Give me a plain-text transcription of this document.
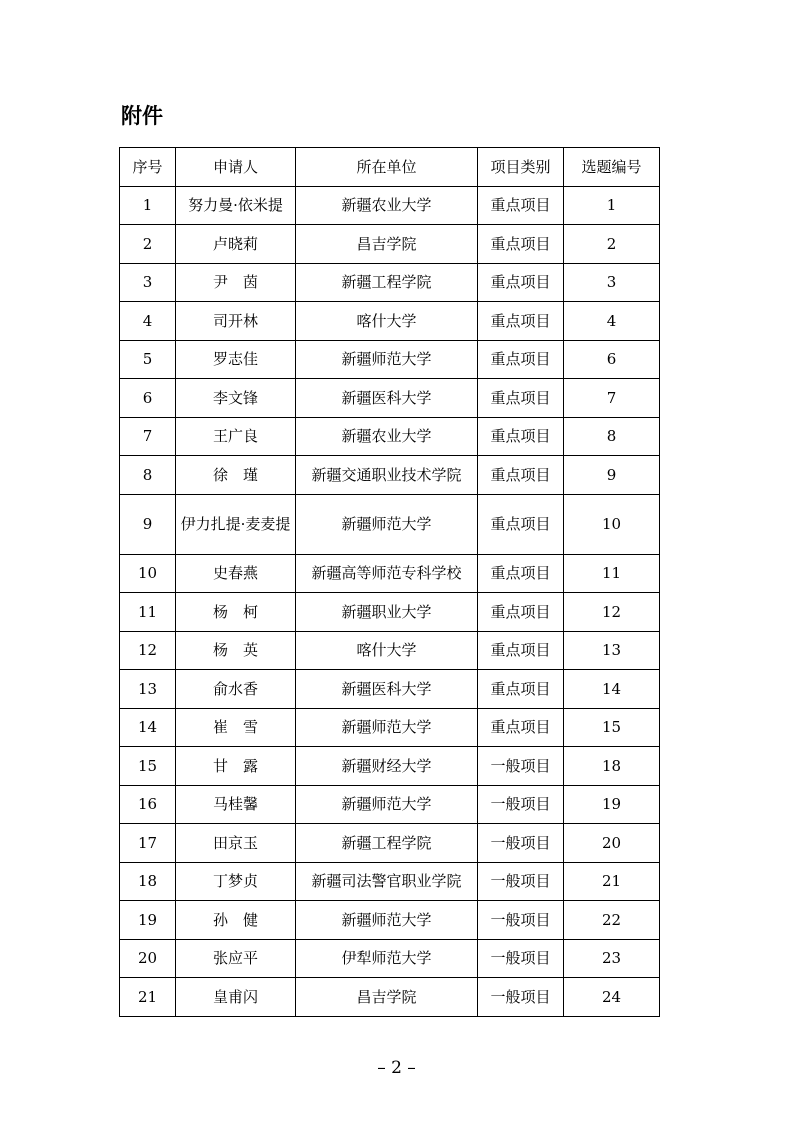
附件
序号	申请人	所在单位	项目类别	选题编号
1	努力曼·依米提	新疆农业大学	重点项目	1
2	卢晓莉	昌吉学院	重点项目	2
3	尹　茵	新疆工程学院	重点项目	3
4	司开林	喀什大学	重点项目	4
5	罗志佳	新疆师范大学	重点项目	6
6	李文锋	新疆医科大学	重点项目	7
7	王广良	新疆农业大学	重点项目	8
8	徐　瑾	新疆交通职业技术学院	重点项目	9
9	伊力扎提·麦麦提	新疆师范大学	重点项目	10
10	史春燕	新疆高等师范专科学校	重点项目	11
11	杨　柯	新疆职业大学	重点项目	12
12	杨　英	喀什大学	重点项目	13
13	俞水香	新疆医科大学	重点项目	14
14	崔　雪	新疆师范大学	重点项目	15
15	甘　露	新疆财经大学	一般项目	18
16	马桂馨	新疆师范大学	一般项目	19
17	田京玉	新疆工程学院	一般项目	20
18	丁梦贞	新疆司法警官职业学院	一般项目	21
19	孙　健	新疆师范大学	一般项目	22
20	张应平	伊犁师范大学	一般项目	23
21	皇甫闪	昌吉学院	一般项目	24
– 2 –
